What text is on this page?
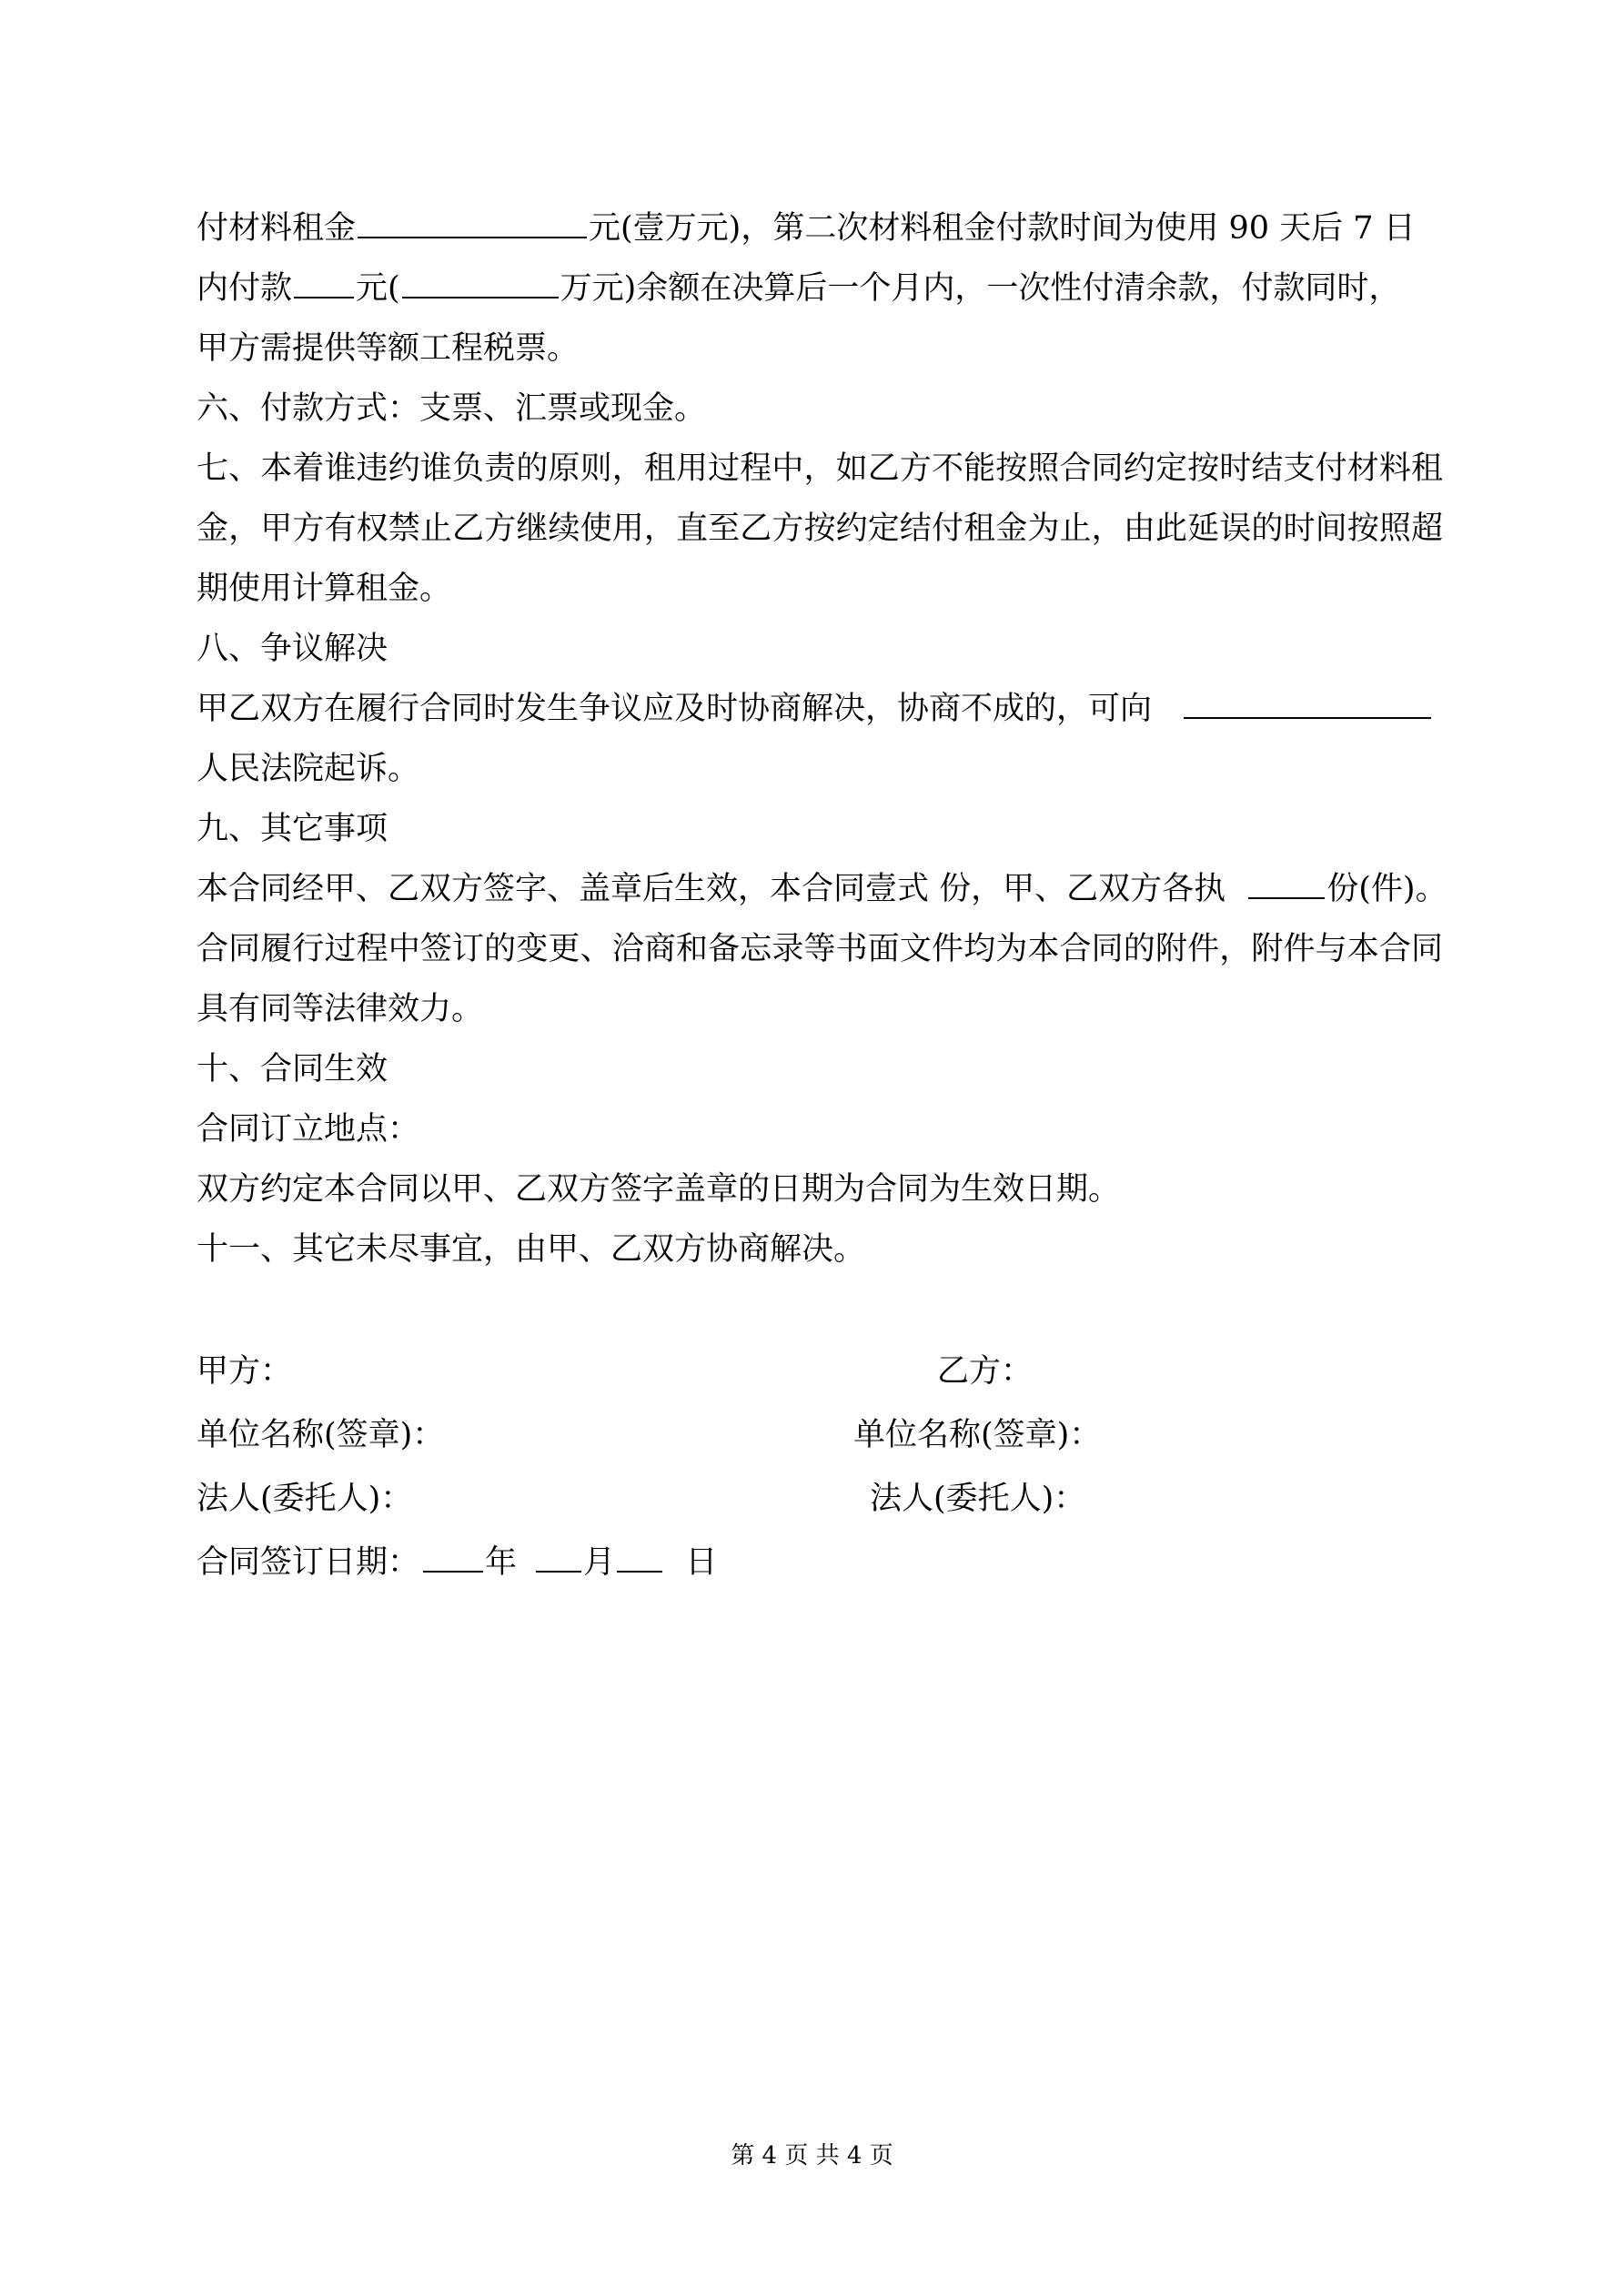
付材料租金	元(壹万元)，第二次材料租金付款时间为使用 90 天后 7 日

内付款 元(	万元)余额在决算后一个月内，一次性付清余款，付款同时，

甲方需提供等额工程税票。

六、付款方式：支票、汇票或现金。

七、本着谁违约谁负责的原则，租用过程中，如乙方不能按照合同约定按时结支付材料租金，甲方有权禁止乙方继续使用，直至乙方按约定结付租金为止，由此延误的时间按照超期使用计算租金。

八、争议解决

甲乙双方在履行合同时发生争议应及时协商解决，协商不成的，可向

人民法院起诉。

九、其它事项

本合同经甲、乙双方签字、盖章后生效，本合同壹式 份，甲、乙双方各执	份(件)。

合同履行过程中签订的变更、洽商和备忘录等书面文件均为本合同的附件，附件与本合同具有同等法律效力。

十、合同生效

合同订立地点：

双方约定本合同以甲、乙双方签字盖章的日期为合同为生效日期。

十一、其它未尽事宜，由甲、乙双方协商解决。

甲方：	乙方：
单位名称(签章)：	单位名称(签章)：
法人(委托人)：	法人(委托人)：
合同签订日期： 年 月 日
第 4 页 共 4 页
